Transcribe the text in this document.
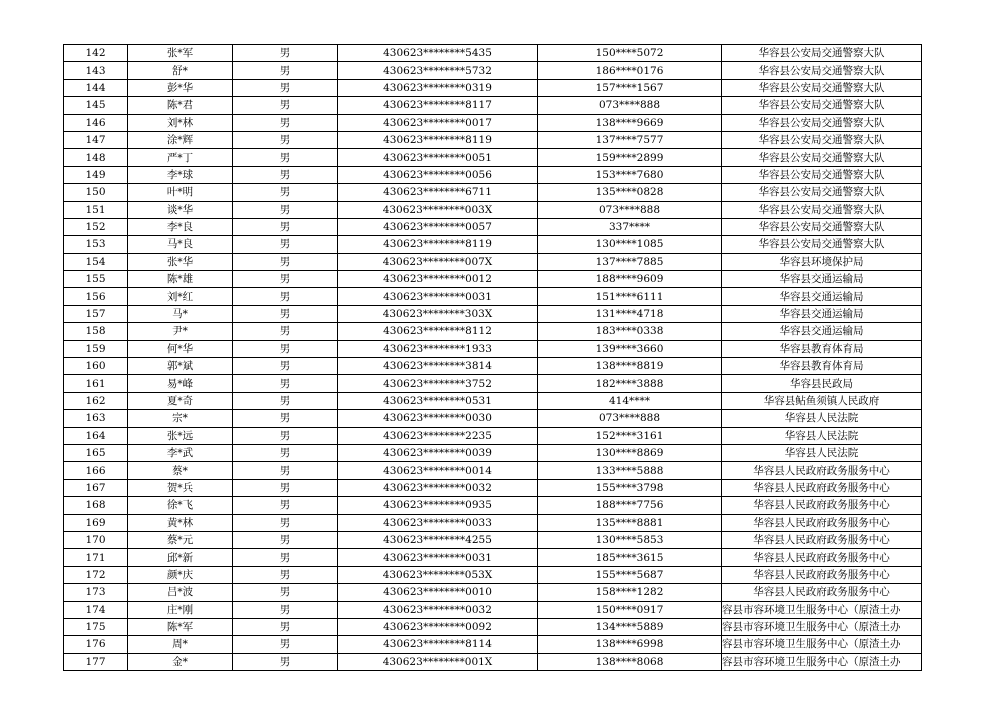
142	张*军	男	430623********5435	150****5072	华容县公安局交通警察大队
143	舒*	男	430623********5732	186****0176	华容县公安局交通警察大队
144	彭*华	男	430623********0319	157****1567	华容县公安局交通警察大队
145	陈*君	男	430623********8117	073****888	华容县公安局交通警察大队
146	刘*林	男	430623********0017	138****9669	华容县公安局交通警察大队
147	涂*辉	男	430623********8119	137****7577	华容县公安局交通警察大队
148	严*丁	男	430623********0051	159****2899	华容县公安局交通警察大队
149	李*球	男	430623********0056	153****7680	华容县公安局交通警察大队
150	叶*明	男	430623********6711	135****0828	华容县公安局交通警察大队
151	谈*华	男	430623********003X	073****888	华容县公安局交通警察大队
152	李*良	男	430623********0057	337****	华容县公安局交通警察大队
153	马*良	男	430623********8119	130****1085	华容县公安局交通警察大队
154	张*华	男	430623********007X	137****7885	华容县环境保护局
155	陈*雄	男	430623********0012	188****9609	华容县交通运输局
156	刘*红	男	430623********0031	151****6111	华容县交通运输局
157	马*	男	430623********303X	131****4718	华容县交通运输局
158	尹*	男	430623********8112	183****0338	华容县交通运输局
159	何*华	男	430623********1933	139****3660	华容县教育体育局
160	郭*斌	男	430623********3814	138****8819	华容县教育体育局
161	易*峰	男	430623********3752	182****3888	华容县民政局
162	夏*奇	男	430623********0531	414****	华容县鲇鱼须镇人民政府
163	宗*	男	430623********0030	073****888	华容县人民法院
164	张*远	男	430623********2235	152****3161	华容县人民法院
165	李*武	男	430623********0039	130****8869	华容县人民法院
166	蔡*	男	430623********0014	133****5888	华容县人民政府政务服务中心
167	贺*兵	男	430623********0032	155****3798	华容县人民政府政务服务中心
168	徐*飞	男	430623********0935	188****7756	华容县人民政府政务服务中心
169	黄*林	男	430623********0033	135****8881	华容县人民政府政务服务中心
170	蔡*元	男	430623********4255	130****5853	华容县人民政府政务服务中心
171	邱*新	男	430623********0031	185****3615	华容县人民政府政务服务中心
172	颜*庆	男	430623********053X	155****5687	华容县人民政府政务服务中心
173	吕*波	男	430623********0010	158****1282	华容县人民政府政务服务中心
174	庄*刚	男	430623********0032	150****0917	容县市容环境卫生服务中心（原渣土办
175	陈*军	男	430623********0092	134****5889	容县市容环境卫生服务中心（原渣土办
176	周*	男	430623********8114	138****6998	容县市容环境卫生服务中心（原渣土办
177	金*	男	430623********001X	138****8068	容县市容环境卫生服务中心（原渣土办
